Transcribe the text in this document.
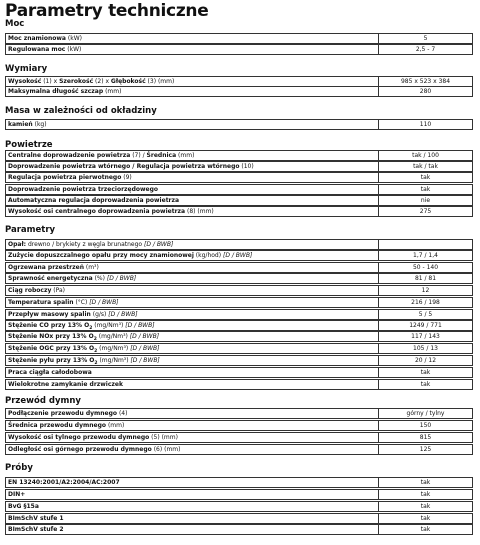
Parametry techniczne
Moc
Moc znamionowa (kW)	5
Regulowana moc (kW)	2,5 - 7
Wymiary
Wysokość (1) x Szerokość (2) x Głębokość (3) (mm)	985 x 523 x 384
Maksymalna długość szczap (mm)	280
Masa w zależności od okładziny
kamień (kg)	110
Powietrze
Centralne doprowadzenie powietrza (7) / Średnica (mm)	tak / 100
Doprowadzenie powietrza wtórnego / Regulacja powietrza wtórnego (10)	tak / tak
Regulacja powietrza pierwotnego (9)	tak
Doprowadzenie powietrza trzeciorzędowego	tak
Automatyczna regulacja doprowadzenia powietrza	nie
Wysokość osi centralnego doprowadzenia powietrza (8) (mm)	275
Parametry
Opał: drewno / brykiety z węgla brunatnego [D / BWB]	
Zużycie dopuszczalnego opału przy mocy znamionowej (kg/hod) [D / BWB]	1,7 / 1,4
Ogrzewana przestrzeń (m³)	50 - 140
Sprawność energetyczna (%) [D / BWB]	81 / 81
Ciąg roboczy (Pa)	12
Temperatura spalin (°C) [D / BWB]	216 / 198
Przepływ masowy spalin (g/s) [D / BWB]	5 / 5
Stężenie CO przy 13% $O_2$ (mg/Nm³) [D / BWB]	1249 / 771
Stężenie NOx przy 13% $O_2$ (mg/Nm³) [D / BWB]	117 / 143
Stężenie OGC przy 13% $O_2$ (mg/Nm³) [D / BWB]	105 / 13
Stężenie pyłu przy 13% $O_2$ (mg/Nm³) [D / BWB]	20 / 12
Praca ciągła całodobowa	tak
Wielokrotne zamykanie drzwiczek	tak
Przewód dymny
Podłączenie przewodu dymnego (4)	górny / tylny
Średnica przewodu dymnego (mm)	150
Wysokość osi tylnego przewodu dymnego (5) (mm)	815
Odległość osi górnego przewodu dymnego (6) (mm)	125
Próby
EN 13240:2001/A2:2004/AC:2007	tak
DIN+	tak
BvG §15a	tak
BImSchV stufe 1	tak
BImSchV stufe 2	tak
